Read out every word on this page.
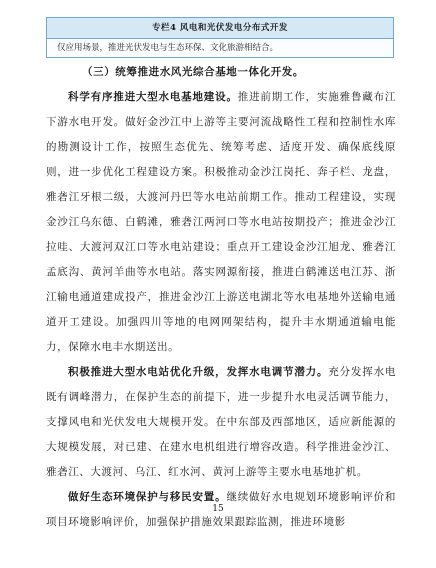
专栏4 风电和光伏发电分布式开发
仅应用场景，推进光伏发电与生态环保、文化旅游相结合。

（三）统筹推进水风光综合基地一体化开发。

科学有序推进大型水电基地建设。推进前期工作，实施雅鲁藏布江下游水电开发。做好金沙江中上游等主要河流战略性工程和控制性水库的勘测设计工作，按照生态优先、统筹考虑、适度开发、确保底线原则，进一步优化工程建设方案。积极推动金沙江岗托、奔子栏、龙盘，雅砻江牙根二级，大渡河丹巴等水电站前期工作。推动工程建设，实现金沙江乌东德、白鹤滩，雅砻江两河口等水电站按期投产；推进金沙江拉哇、大渡河双江口等水电站建设；重点开工建设金沙江旭龙、雅砻江孟底沟、黄河羊曲等水电站。落实网源衔接，推进白鹤滩送电江苏、浙江输电通道建成投产，推进金沙江上游送电湖北等水电基地外送输电通道开工建设。加强四川等地的电网网架结构，提升丰水期通道输电能力，保障水电丰水期送出。

积极推进大型水电站优化升级，发挥水电调节潜力。充分发挥水电既有调峰潜力，在保护生态的前提下，进一步提升水电灵活调节能力，支撑风电和光伏发电大规模开发。在中东部及西部地区，适应新能源的大规模发展，对已建、在建水电机组进行增容改造。科学推进金沙江、雅砻江、大渡河、乌江、红水河、黄河上游等主要水电基地扩机。

做好生态环境保护与移民安置。继续做好水电规划环境影响评价和项目环境影响评价，加强保护措施效果跟踪监测，推进环境影

15
